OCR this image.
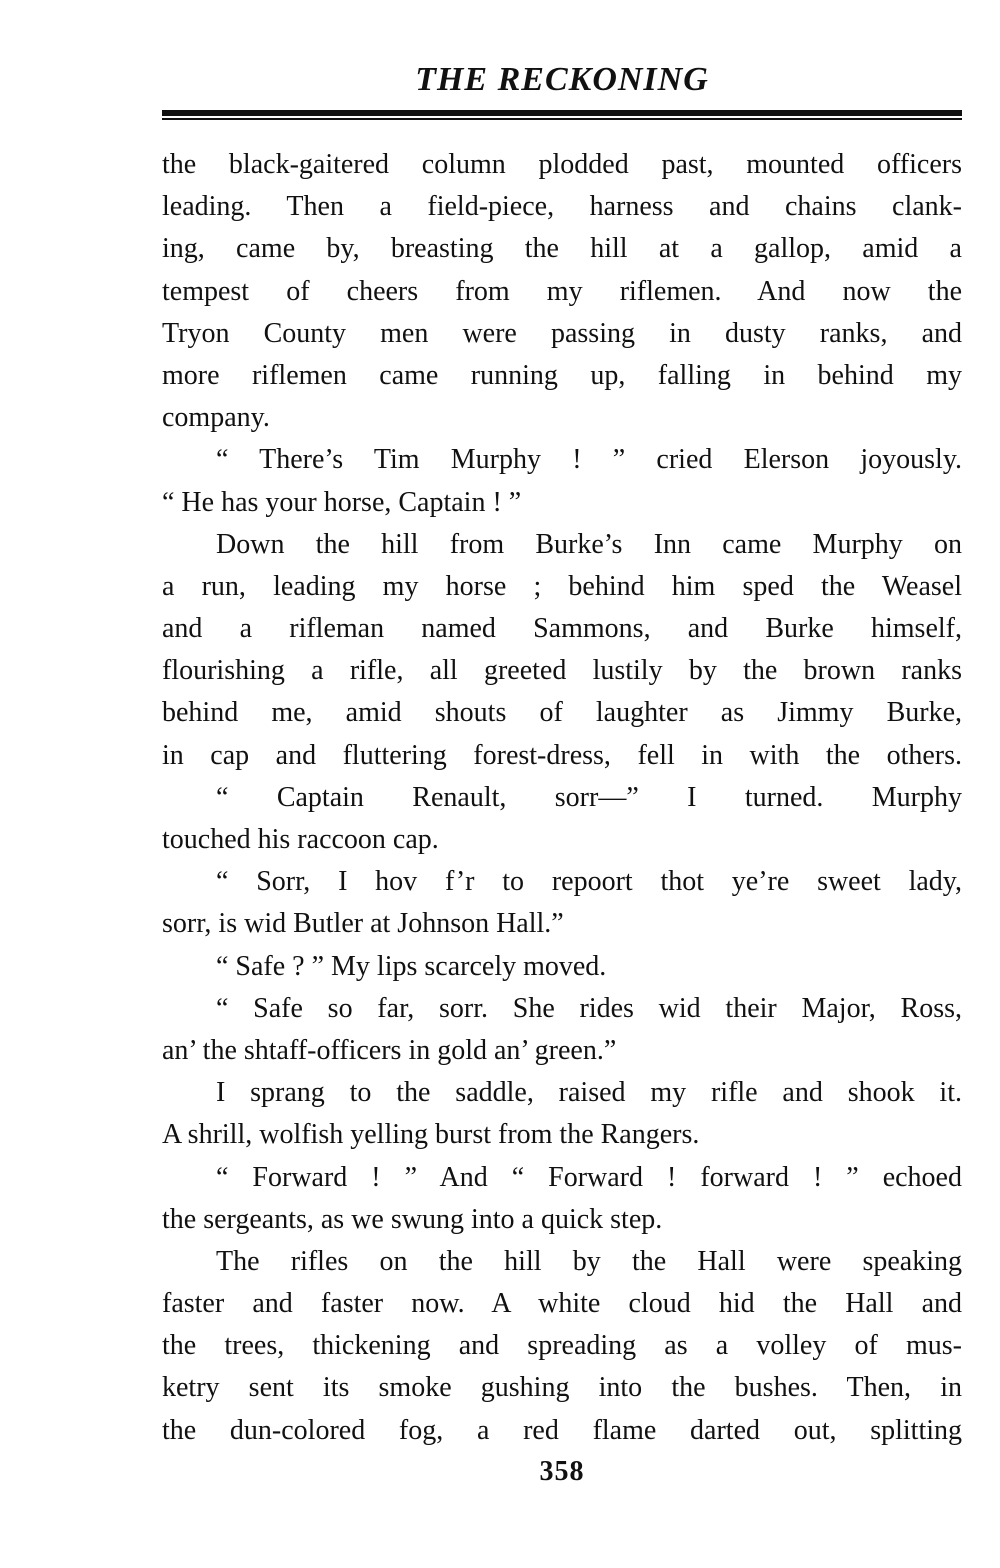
THE RECKONING
the black-gaitered column plodded past, mounted officers
leading. Then a field-piece, harness and chains clank-
ing, came by, breasting the hill at a gallop, amid a
tempest of cheers from my riflemen. And now the
Tryon County men were passing in dusty ranks, and
more riflemen came running up, falling in behind my
company.
“ There’s Tim Murphy ! ” cried Elerson joyously.
“ He has your horse, Captain ! ”
Down the hill from Burke’s Inn came Murphy on
a run, leading my horse ; behind him sped the Weasel
and a rifleman named Sammons, and Burke himself,
flourishing a rifle, all greeted lustily by the brown ranks
behind me, amid shouts of laughter as Jimmy Burke,
in cap and fluttering forest-dress, fell in with the others.
“ Captain Renault, sorr—” I turned. Murphy
touched his raccoon cap.
“ Sorr, I hov f’r to repoort thot ye’re sweet lady,
sorr, is wid Butler at Johnson Hall.”
“ Safe ? ” My lips scarcely moved.
“ Safe so far, sorr. She rides wid their Major, Ross,
an’ the shtaff-officers in gold an’ green.”
I sprang to the saddle, raised my rifle and shook it.
A shrill, wolfish yelling burst from the Rangers.
“ Forward ! ” And “ Forward ! forward ! ” echoed
the sergeants, as we swung into a quick step.
The rifles on the hill by the Hall were speaking
faster and faster now. A white cloud hid the Hall and
the trees, thickening and spreading as a volley of mus-
ketry sent its smoke gushing into the bushes. Then, in
the dun-colored fog, a red flame darted out, splitting
358
